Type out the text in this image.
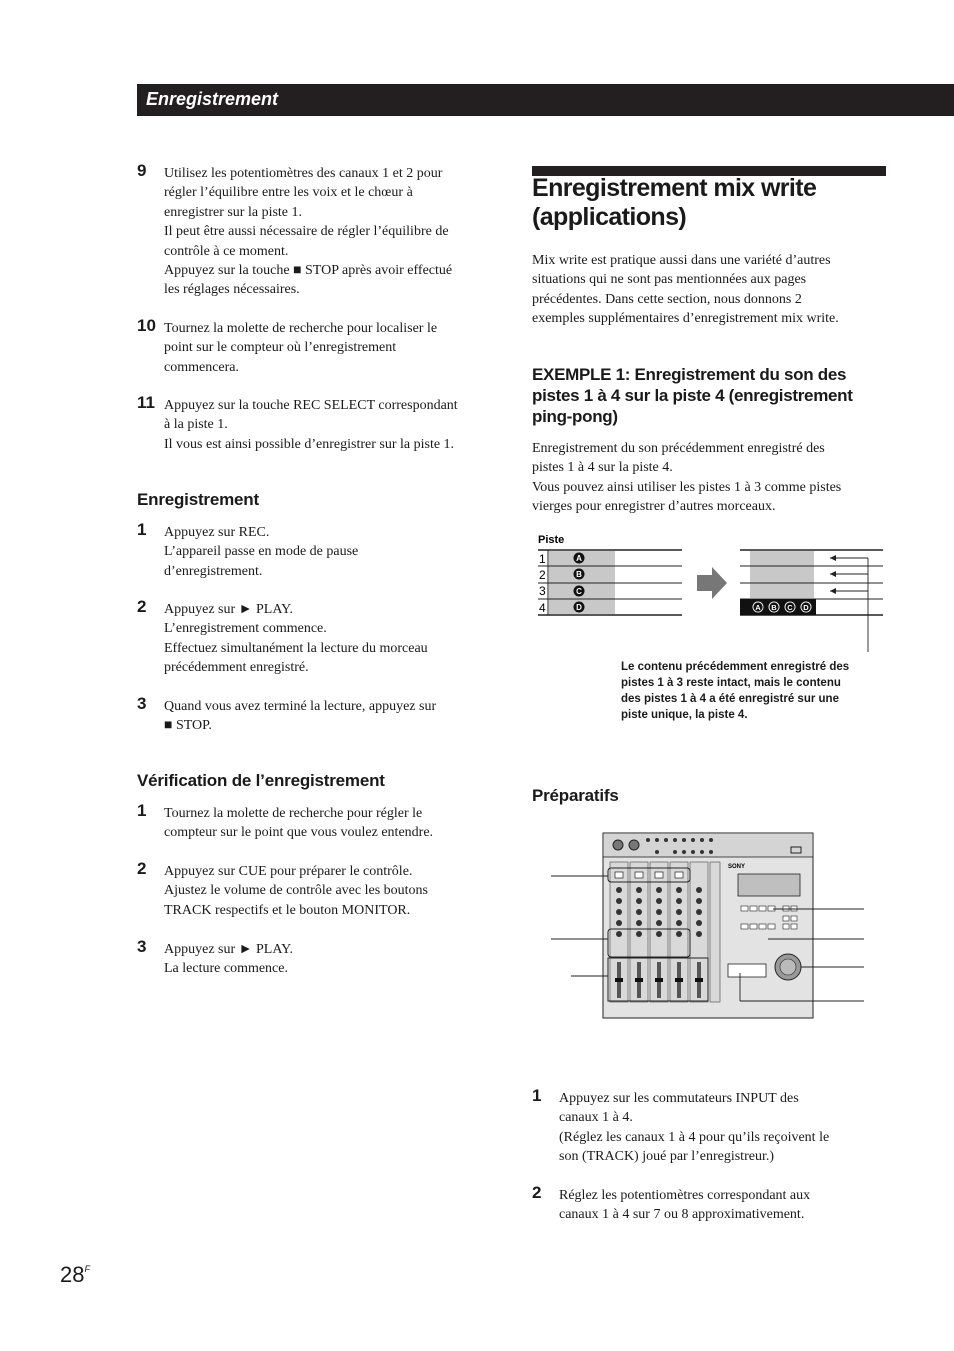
Enregistrement
9 Utilisez les potentiomètres des canaux 1 et 2 pour

régler l’équilibre entre les voix et le chœur à

enregistrer sur la piste 1.

Il peut être aussi nécessaire de régler l’équilibre de

contrôle à ce moment.

Appuyez sur la touche ■ STOP après avoir effectué

les réglages nécessaires.

10 Tournez la molette de recherche pour localiser le

point sur le compteur où l’enregistrement

commencera.

11 Appuyez sur la touche REC SELECT correspondant

à la piste 1.

Il vous est ainsi possible d’enregistrer sur la piste 1.

Enregistrement
1 Appuyez sur REC.

L’appareil passe en mode de pause

d’enregistrement.

2 Appuyez sur ► PLAY.

L’enregistrement commence.

Effectuez simultanément la lecture du morceau

précédemment enregistré.

3 Quand vous avez terminé la lecture, appuyez sur

■ STOP.

Vérification de l’enregistrement
1 Tournez la molette de recherche pour régler le

compteur sur le point que vous voulez entendre.

2 Appuyez sur CUE pour préparer le contrôle.

Ajustez le volume de contrôle avec les boutons

TRACK respectifs et le bouton MONITOR.

3 Appuyez sur ► PLAY.

La lecture commence.

Enregistrement mix write
(applications)

Mix write est pratique aussi dans une variété d’autres

situations qui ne sont pas mentionnées aux pages

précédentes. Dans cette section, nous donnons 2

exemples supplémentaires d’enregistrement mix write.

EXEMPLE 1: Enregistrement du son des
pistes 1 à 4 sur la piste 4 (enregistrement
ping-pong)

Enregistrement du son précédemment enregistré des

pistes 1 à 4 sur la piste 4.

Vous pouvez ainsi utiliser les pistes 1 à 3 comme pistes

vierges pour enregistrer d’autres morceaux.

Piste
1
2
3
4
A
B
C
D	A B C D
Le contenu précédemment enregistré des
pistes 1 à 3 reste intact, mais le contenu
des pistes 1 à 4 a été enregistré sur une
piste unique, la piste 4.
Préparatifs
SONY
1 Appuyez sur les commutateurs INPUT des

canaux 1 à 4.

(Réglez les canaux 1 à 4 pour qu’ils reçoivent le

son (TRACK) joué par l’enregistreur.)

2 Réglez les potentiomètres correspondant aux

canaux 1 à 4 sur 7 ou 8 approximativement.

$28^F$
